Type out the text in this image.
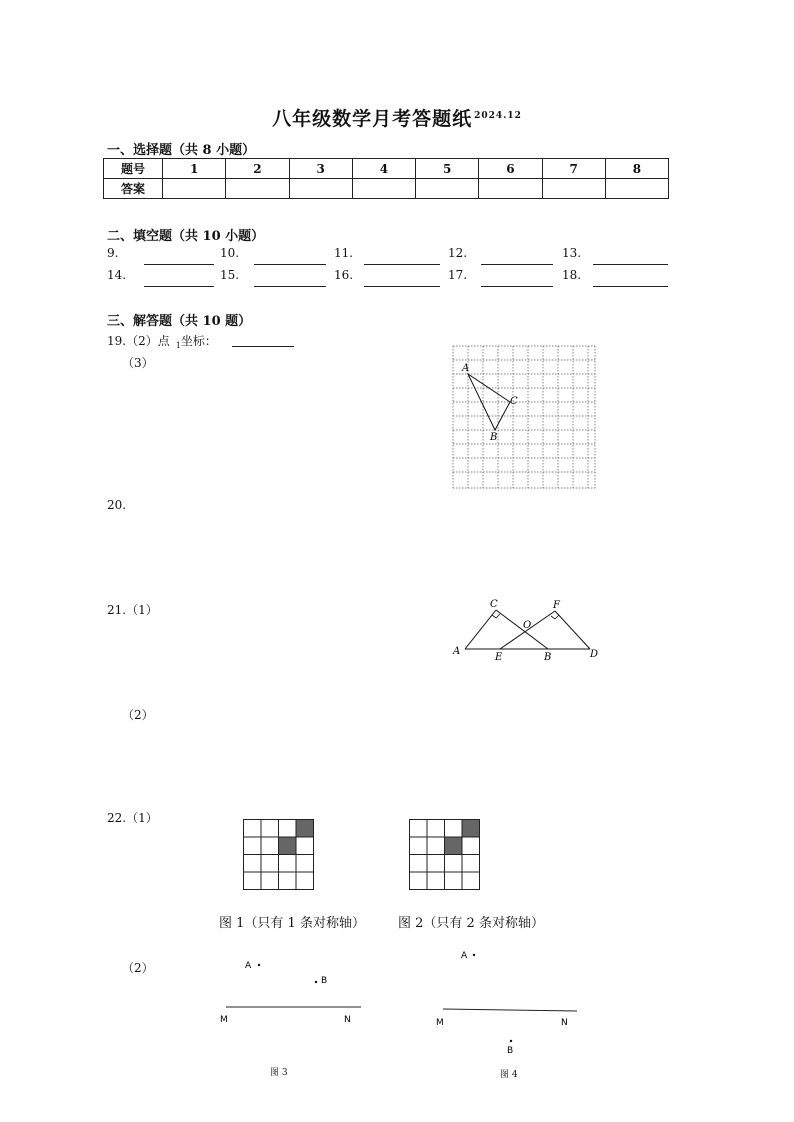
八年级数学月考答题纸 $^{2024.12}$
一、选择题（共 8 小题）
题号	1	2	3	4	5	6	7	8
答案								
二、填空题（共 10 小题）
9.	10.	11.	12.	13.
14.	15.	16.	17.	18.
三、解答题（共 10 题）
19.（2）点 $_1$坐标：
（3）	A
C
B
20.
21.（1）
A
C
O
F
E	B	D
（2）
22.（1）
图 1（只有 1 条对称轴）	图 2（只有 2 条对称轴）
（2）	A
B
M	N
图 3
A
M	N
B
图 4
